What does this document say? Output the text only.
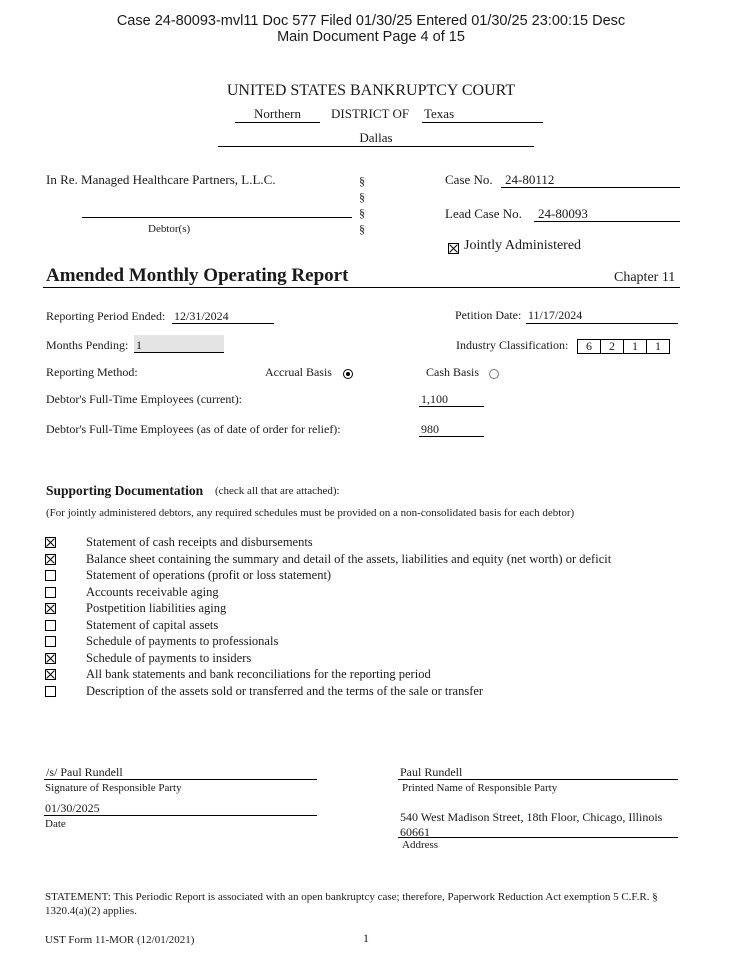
Case 24-80093-mvl11 Doc 577 Filed 01/30/25 Entered 01/30/25 23:00:15 Desc
Main Document Page 4 of 15
UNITED STATES BANKRUPTCY COURT
Northern	DISTRICT OF Texas
Dallas
In Re. Managed Healthcare Partners, L.L.C.	§
§
§
§
Debtor(s)
Case No. 24-80112
Lead Case No. 24-80093
Jointly Administered
Amended Monthly Operating Report	Chapter 11
Reporting Period Ended: 12/31/2024	Petition Date: 11/17/2024
Months Pending: 1	Industry Classification:	6 2 1 1
Reporting Method:	Accrual Basis	Cash Basis
Debtor's Full-Time Employees (current):	1,100
Debtor's Full-Time Employees (as of date of order for relief):	980
Supporting Documentation (check all that are attached):
(For jointly administered debtors, any required schedules must be provided on a non-consolidated basis for each debtor)
Statement of cash receipts and disbursements
Balance sheet containing the summary and detail of the assets, liabilities and equity (net worth) or deficit
Statement of operations (profit or loss statement)
Accounts receivable aging
Postpetition liabilities aging
Statement of capital assets
Schedule of payments to professionals
Schedule of payments to insiders
All bank statements and bank reconciliations for the reporting period
Description of the assets sold or transferred and the terms of the sale or transfer
/s/ Paul Rundell
Signature of Responsible Party
Paul Rundell
Printed Name of Responsible Party
01/30/2025
Date	540 West Madison Street, 18th Floor, Chicago, Illinois
60661
Address
STATEMENT: This Periodic Report is associated with an open bankruptcy case; therefore, Paperwork Reduction Act exemption 5 C.F.R. § 1320.4(a)(2) applies.
UST Form 11-MOR (12/01/2021)	1
